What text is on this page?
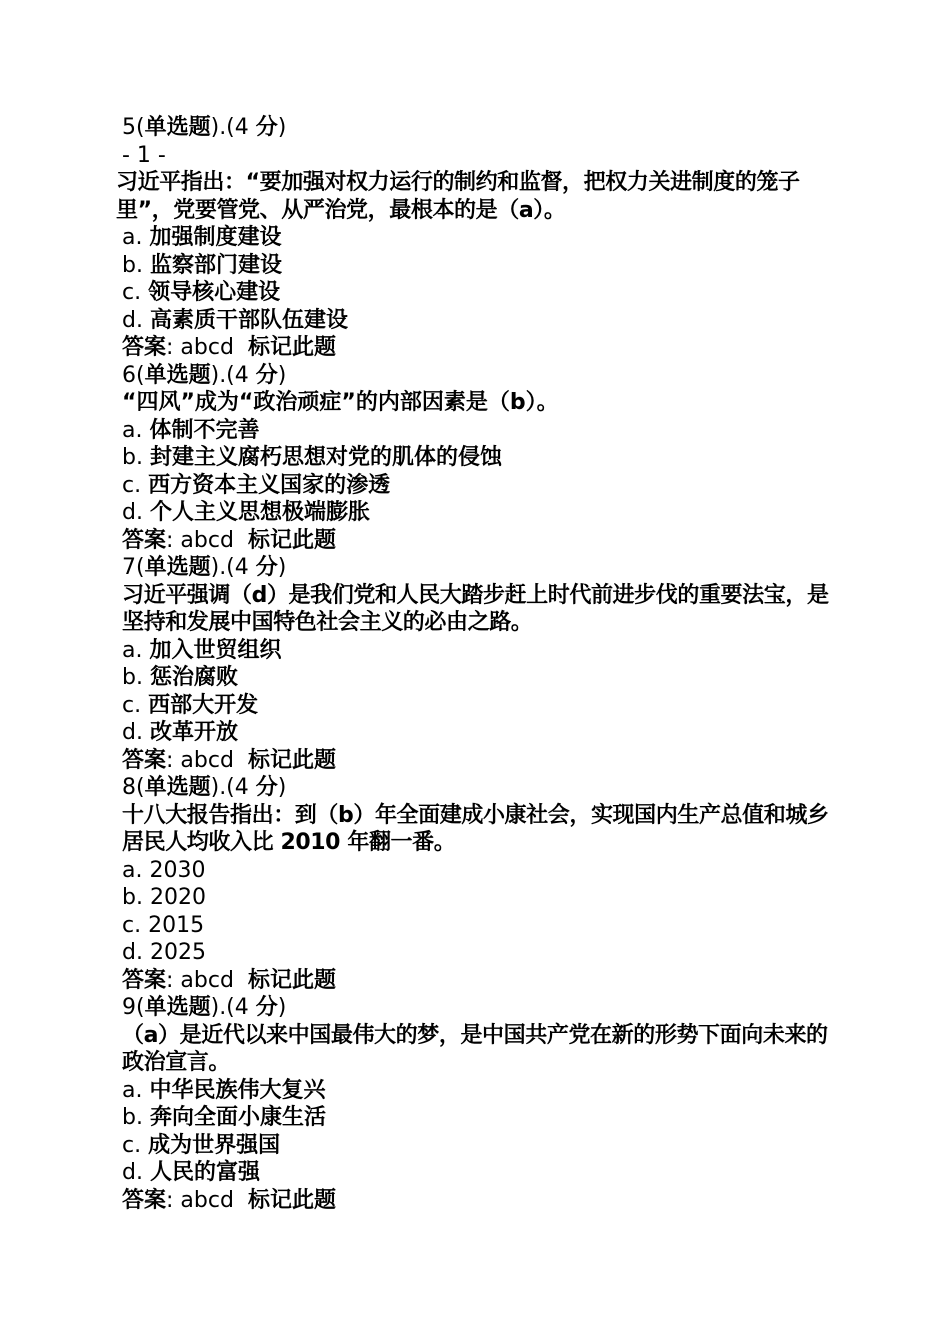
5(单选题).(4 分)
- 1 -
习近平指出：“要加强对权力运行的制约和监督，把权力关进制度的笼子里”，党要管党、从严治党，最根本的是（a）。
a. 加强制度建设
b. 监察部门建设
c. 领导核心建设
d. 高素质干部队伍建设
答案: abcd 标记此题
6(单选题).(4 分)
“四风”成为“政治顽症”的内部因素是（b）。
a. 体制不完善
b. 封建主义腐朽思想对党的肌体的侵蚀
c. 西方资本主义国家的渗透
d. 个人主义思想极端膨胀
答案: abcd 标记此题
7(单选题).(4 分)
习近平强调（d）是我们党和人民大踏步赶上时代前进步伐的重要法宝，是坚持和发展中国特色社会主义的必由之路。
a. 加入世贸组织
b. 惩治腐败
c. 西部大开发
d. 改革开放
答案: abcd 标记此题
8(单选题).(4 分)
十八大报告指出：到（b）年全面建成小康社会，实现国内生产总值和城乡居民人均收入比 2010 年翻一番。
a. 2030
b. 2020
c. 2015
d. 2025
答案: abcd 标记此题
9(单选题).(4 分)
（a）是近代以来中国最伟大的梦，是中国共产党在新的形势下面向未来的政治宣言。
a. 中华民族伟大复兴
b. 奔向全面小康生活
c. 成为世界强国
d. 人民的富强
答案: abcd 标记此题
